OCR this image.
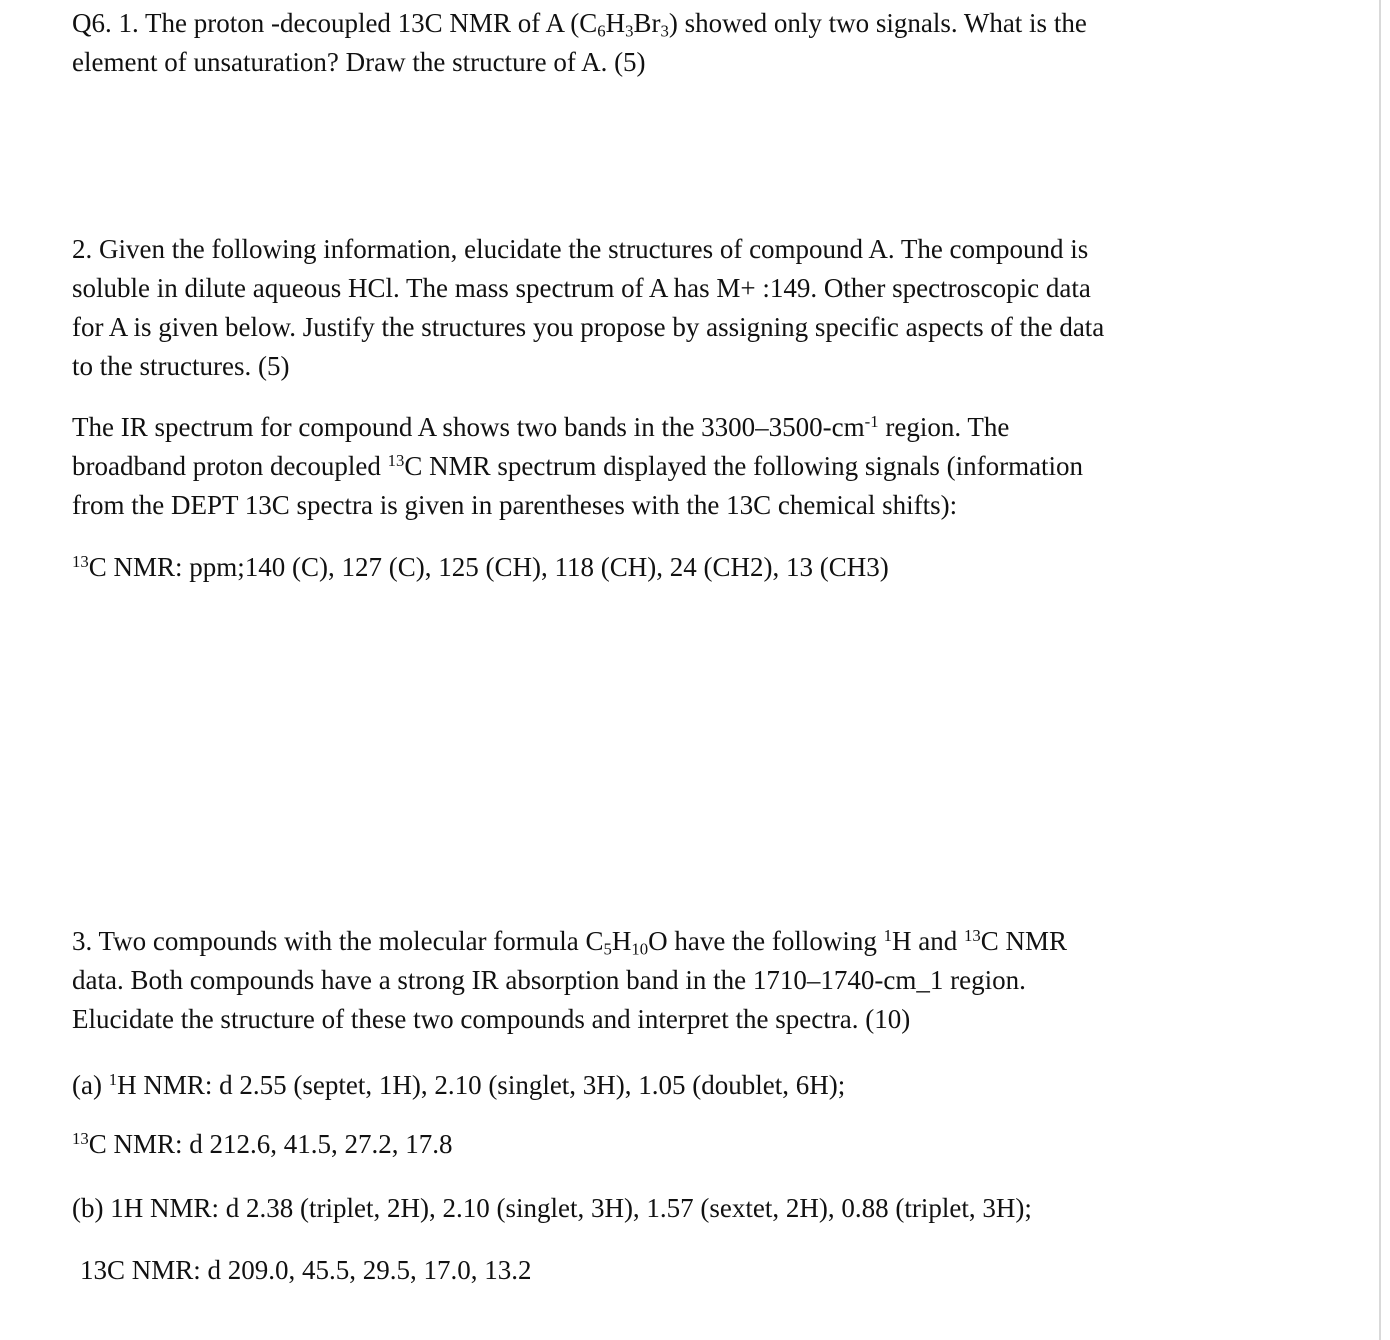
Q6. 1. The proton -decoupled 13C NMR of A $(C_6H_3Br_3)$ showed only two signals. What is the
element of unsaturation? Draw the structure of A. (5)
2. Given the following information, elucidate the structures of compound A. The compound is
soluble in dilute aqueous HCl. The mass spectrum of A has M+ :149. Other spectroscopic data
for A is given below. Justify the structures you propose by assigning specific aspects of the data
to the structures. (5)
The IR spectrum for compound A shows two bands in the $3300-3500-cm^{-1}$ region. The
broadband proton decoupled $^{13}$C NMR spectrum displayed the following signals (information
from the DEPT 13C spectra is given in parentheses with the 13C chemical shifts):
$^{13}$C NMR: ppm;140 (C), 127 (C), 125 (CH), 118 (CH), 24 (CH2), 13 (CH3)
3. Two compounds with the molecular formula $C_5H_{10}O$ have the following $^1$H and $^{13}$C NMR
data. Both compounds have a strong IR absorption band in the 1710–1740-cm_1 region.
Elucidate the structure of these two compounds and interpret the spectra. (10)
(a) $^1$H NMR: d 2.55 (septet, 1H), 2.10 (singlet, 3H), 1.05 (doublet, 6H);
$^{13}$C NMR: d 212.6, 41.5, 27.2, 17.8
(b) 1H NMR: d 2.38 (triplet, 2H), 2.10 (singlet, 3H), 1.57 (sextet, 2H), 0.88 (triplet, 3H);
13C NMR: d 209.0, 45.5, 29.5, 17.0, 13.2
